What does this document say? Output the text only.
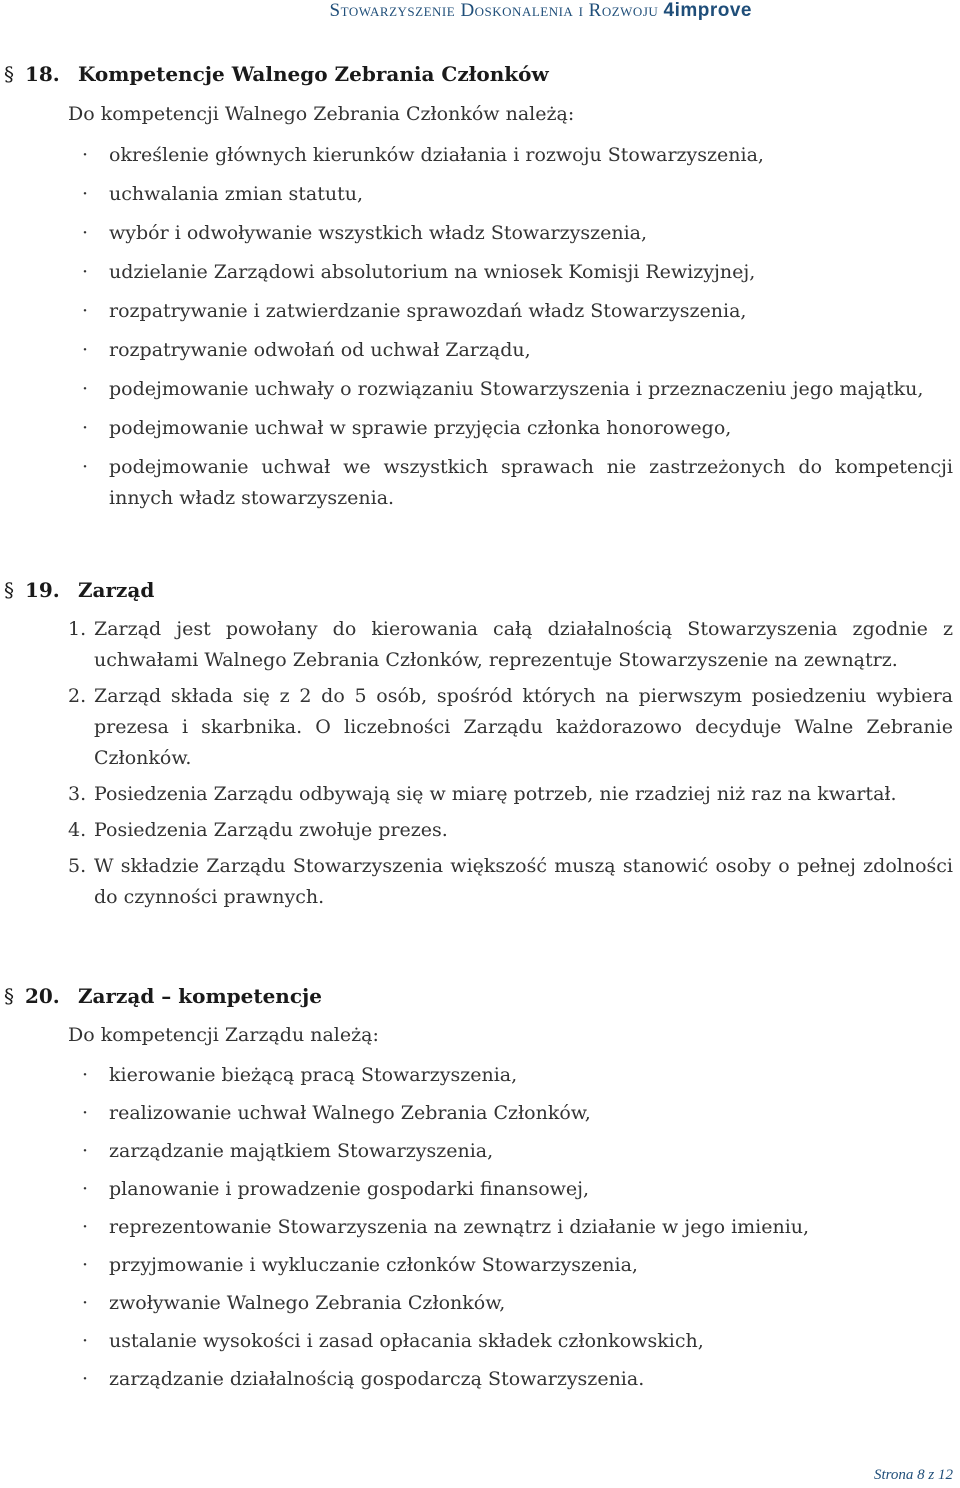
Stowarzyszenie Doskonalenia i Rozwoju 4improve
§ 18. Kompetencje Walnego Zebrania Członków
Do kompetencji Walnego Zebrania Członków należą:
· określenie głównych kierunków działania i rozwoju Stowarzyszenia,
· uchwalania zmian statutu,
· wybór i odwoływanie wszystkich władz Stowarzyszenia,
· udzielanie Zarządowi absolutorium na wniosek Komisji Rewizyjnej,
· rozpatrywanie i zatwierdzanie sprawozdań władz Stowarzyszenia,
· rozpatrywanie odwołań od uchwał Zarządu,
· podejmowanie uchwały o rozwiązaniu Stowarzyszenia i przeznaczeniu jego majątku,
· podejmowanie uchwał w sprawie przyjęcia członka honorowego,
· podejmowanie uchwał we wszystkich sprawach nie zastrzeżonych do kompetencji innych władz stowarzyszenia.
§ 19. Zarząd
1. Zarząd jest powołany do kierowania całą działalnością Stowarzyszenia zgodnie z uchwałami Walnego Zebrania Członków, reprezentuje Stowarzyszenie na zewnątrz.
2. Zarząd składa się z 2 do 5 osób, spośród których na pierwszym posiedzeniu wybiera prezesa i skarbnika. O liczebności Zarządu każdorazowo decyduje Walne Zebranie Członków.
3. Posiedzenia Zarządu odbywają się w miarę potrzeb, nie rzadziej niż raz na kwartał.
4. Posiedzenia Zarządu zwołuje prezes.
5. W składzie Zarządu Stowarzyszenia większość muszą stanowić osoby o pełnej zdolności do czynności prawnych.
§ 20. Zarząd – kompetencje
Do kompetencji Zarządu należą:
· kierowanie bieżącą pracą Stowarzyszenia,
· realizowanie uchwał Walnego Zebrania Członków,
· zarządzanie majątkiem Stowarzyszenia,
· planowanie i prowadzenie gospodarki finansowej,
· reprezentowanie Stowarzyszenia na zewnątrz i działanie w jego imieniu,
· przyjmowanie i wykluczanie członków Stowarzyszenia,
· zwoływanie Walnego Zebrania Członków,
· ustalanie wysokości i zasad opłacania składek członkowskich,
· zarządzanie działalnością gospodarczą Stowarzyszenia.
Strona 8 z 12
